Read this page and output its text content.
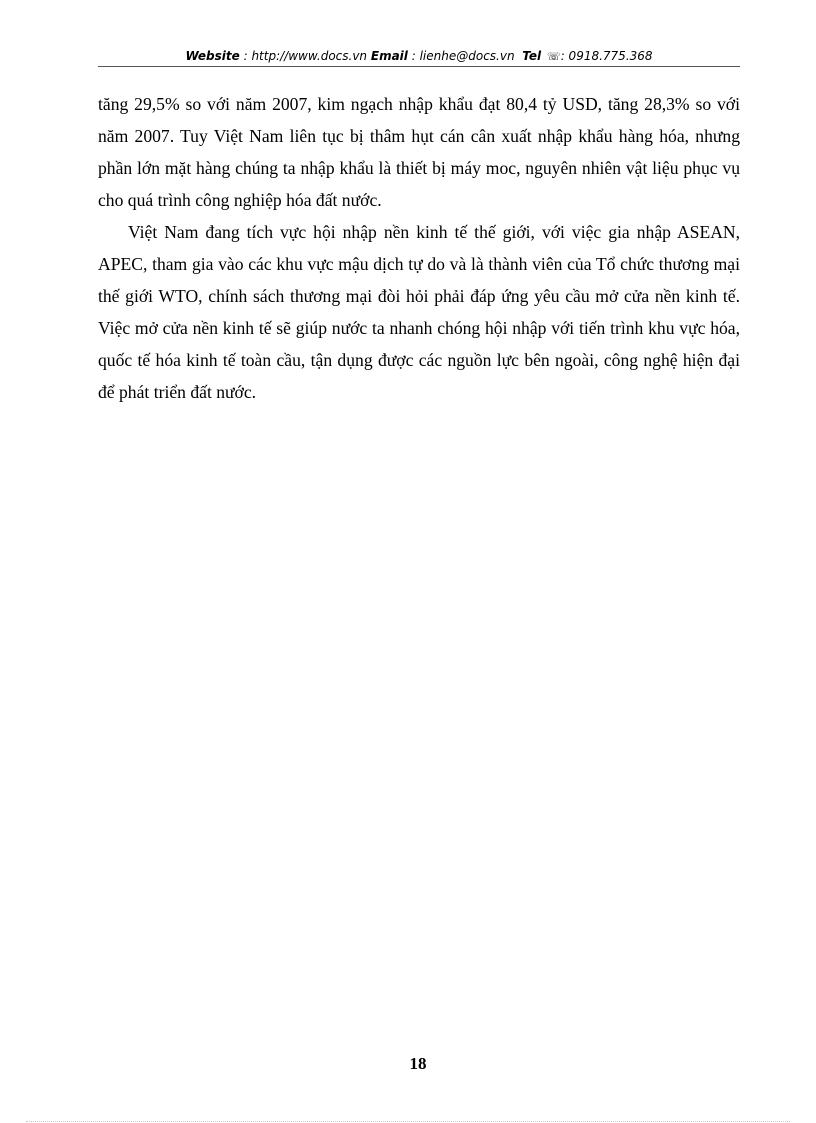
Website : http://www.docs.vn Email : lienhe@docs.vn Tel ☏: 0918.775.368

tăng 29,5% so với năm 2007, kim ngạch nhập khẩu đạt 80,4 tỷ USD, tăng 28,3% so với năm 2007. Tuy Việt Nam liên tục bị thâm hụt cán cân xuất nhập khẩu hàng hóa, nhưng phần lớn mặt hàng chúng ta nhập khẩu là thiết bị máy moc, nguyên nhiên vật liệu phục vụ cho quá trình công nghiệp hóa đất nước.

Việt Nam đang tích vực hội nhập nền kinh tế thế giới, với việc gia nhập ASEAN, APEC, tham gia vào các khu vực mậu dịch tự do và là thành viên của Tổ chức thương mại thế giới WTO, chính sách thương mại đòi hỏi phải đáp ứng yêu cầu mở cửa nền kinh tế. Việc mở cửa nền kinh tế sẽ giúp nước ta nhanh chóng hội nhập với tiến trình khu vực hóa, quốc tế hóa kinh tế toàn cầu, tận dụng được các nguồn lực bên ngoài, công nghệ hiện đại để phát triển đất nước.

18
